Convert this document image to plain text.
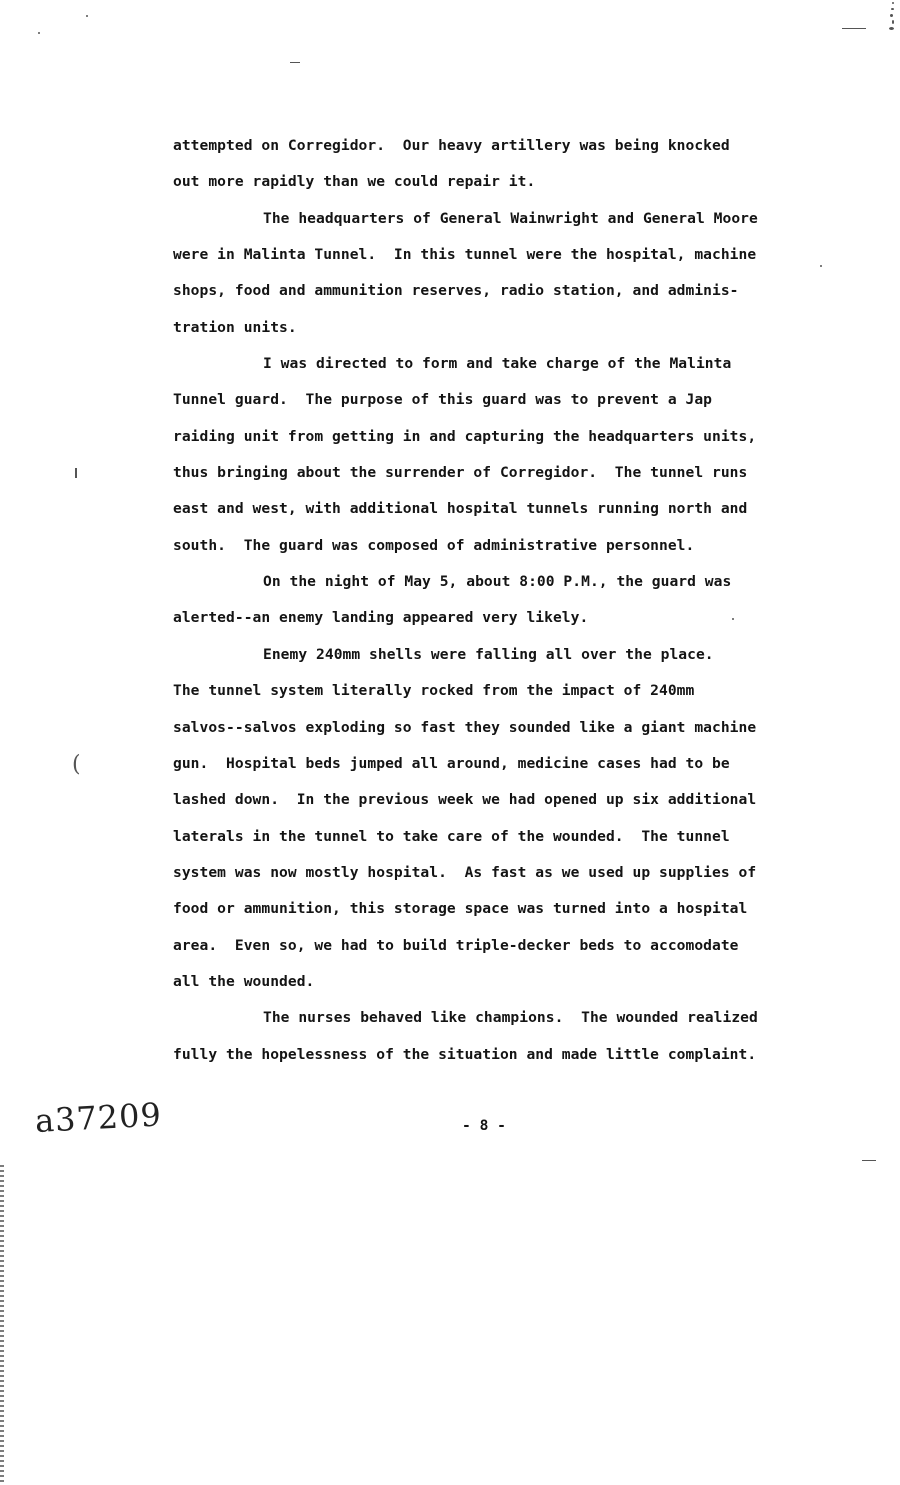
attempted on Corregidor.  Our heavy artillery was being knocked
out more rapidly than we could repair it.
The headquarters of General Wainwright and General Moore
were in Malinta Tunnel.  In this tunnel were the hospital, machine
shops, food and ammunition reserves, radio station, and adminis-
tration units.
I was directed to form and take charge of the Malinta
Tunnel guard.  The purpose of this guard was to prevent a Jap
raiding unit from getting in and capturing the headquarters units,
thus bringing about the surrender of Corregidor.  The tunnel runs
east and west, with additional hospital tunnels running north and
south.  The guard was composed of administrative personnel.
On the night of May 5, about 8:00 P.M., the guard was
alerted--an enemy landing appeared very likely.
Enemy 240mm shells were falling all over the place.
The tunnel system literally rocked from the impact of 240mm
salvos--salvos exploding so fast they sounded like a giant machine
gun.  Hospital beds jumped all around, medicine cases had to be
lashed down.  In the previous week we had opened up six additional
laterals in the tunnel to take care of the wounded.  The tunnel
system was now mostly hospital.  As fast as we used up supplies of
food or ammunition, this storage space was turned into a hospital
area.  Even so, we had to build triple-decker beds to accomodate
all the wounded.
The nurses behaved like champions.  The wounded realized
fully the hopelessness of the situation and made little complaint.
(
a37209	- 8 -
